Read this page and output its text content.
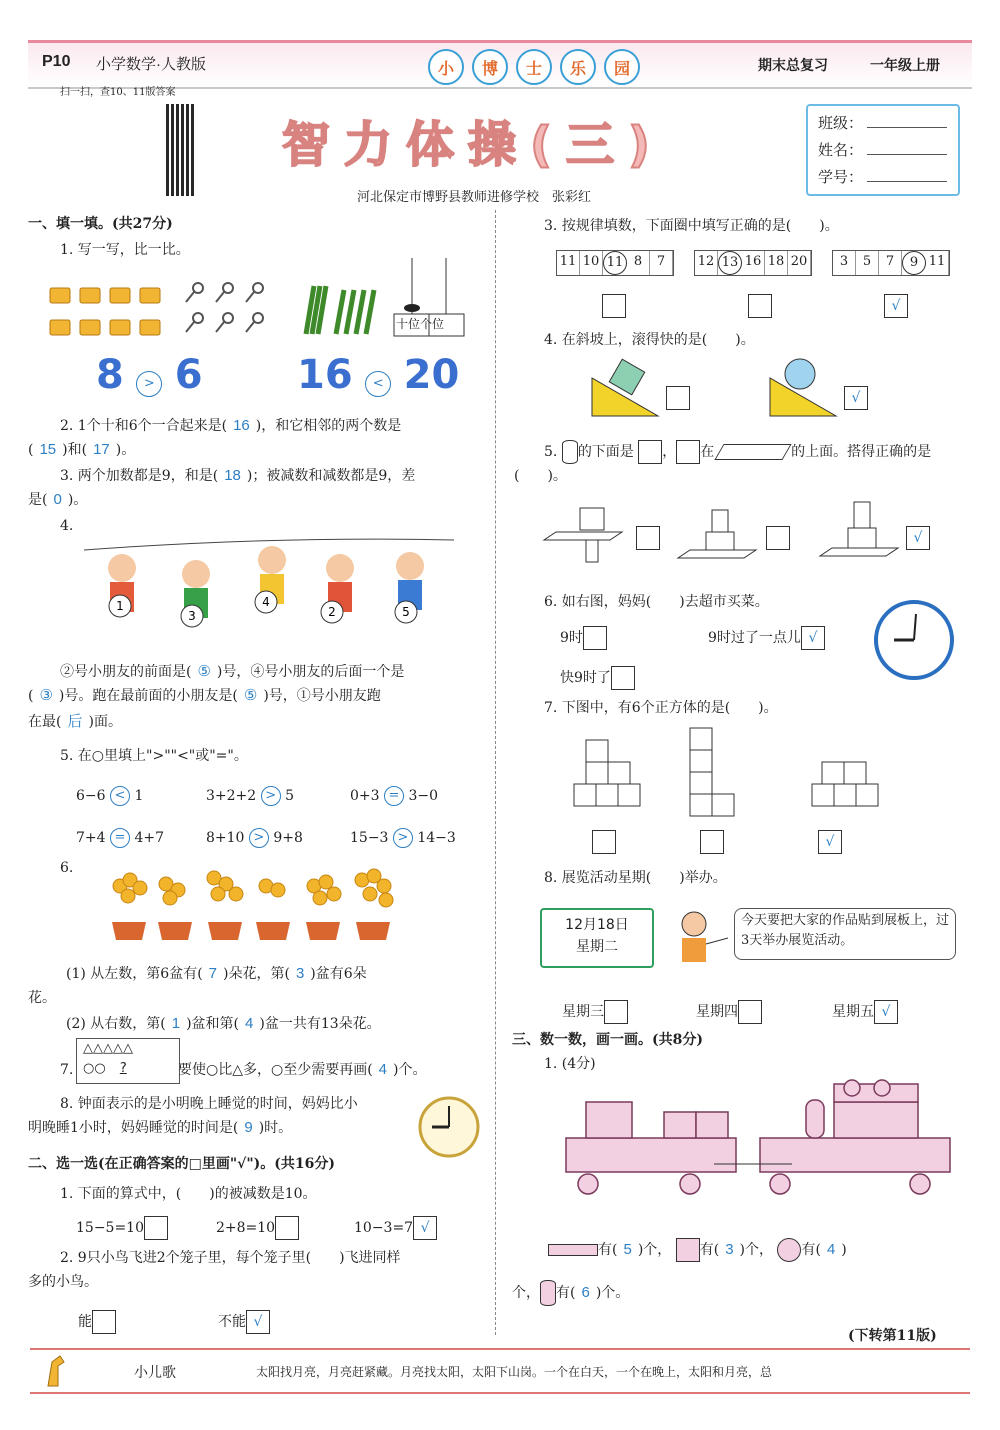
P10 小学数学·人教版	小	博	士	乐	园	期末总复习	一年级上册
扫一扫，查10、11版答案
智力体操(三)
河北保定市博野县教师进修学校　张彩红
班级：
姓名：
学号：
一、填一填。(共27分)
1. 写一写，比一比。
十位个位
8 > 6 16 < 20
2. 1个十和6个一合起来是( 16 )，和它相邻的两个数是
( 15 )和( 17 )。
3. 两个加数都是9，和是( 18 )；被减数和减数都是9，差
是( 0 )。
4.
1
3
4
2	5
②号小朋友的前面是( ⑤ )号，④号小朋友的后面一个是
( ③ )号。跑在最前面的小朋友是( ⑤ )号，①号小朋友跑
在最( 后 )面。
5. 在○里填上">""<"或"="。
6−6 < 1	3+2+2 > 5	0+3 = 3−0
7+4 = 4+7	8+10 > 9+8	15−3 > 14−3
6.
(1) 从左数，第6盆有( 7 )朵花，第( 3 )盆有6朵
花。
(2) 从右数，第( 1 )盆和第( 4 )盆一共有13朵花。
7.
△△△△△
○○ ?	要使○比△多，○至少需要再画( 4 )个。
8. 钟面表示的是小明晚上睡觉的时间，妈妈比小
明晚睡1小时，妈妈睡觉的时间是( 9 )时。
二、选一选(在正确答案的□里画"√")。(共16分)
1. 下面的算式中，(　　)的被减数是10。
15−5=10	2+8=10	10−3=7 √
2. 9只小鸟飞进2个笼子里，每个笼子里(　　)飞进同样
多的小鸟。
能	不能 √
3. 按规律填数，下面圈中填写正确的是(　　)。
11 10 11 8	7	12 13 16 18 20	3	5	7	9 11
√
4. 在斜坡上，滚得快的是(　　)。
√
5. 的下面是 ， 在	的上面。搭得正确的是
(　　)。
√
6. 如右图，妈妈(　　)去超市买菜。
9时	9时过了一点儿 √
快9时了
7. 下图中，有6个正方体的是(　　)。
√
8. 展览活动星期(　　)举办。
12月18日
星期二
今天要把大家的作品贴到展板上，过3天举办展览活动。
星期三	星期四	星期五 √
三、数一数，画一画。(共8分)
1. (4分)
有( 5 )个， 有( 3 )个， 有( 4 )
个， 有( 6 )个。
(下转第11版)
小儿歌	太阳找月亮，月亮赶紧藏。月亮找太阳，太阳下山岗。一个在白天，一个在晚上，太阳和月亮，总
